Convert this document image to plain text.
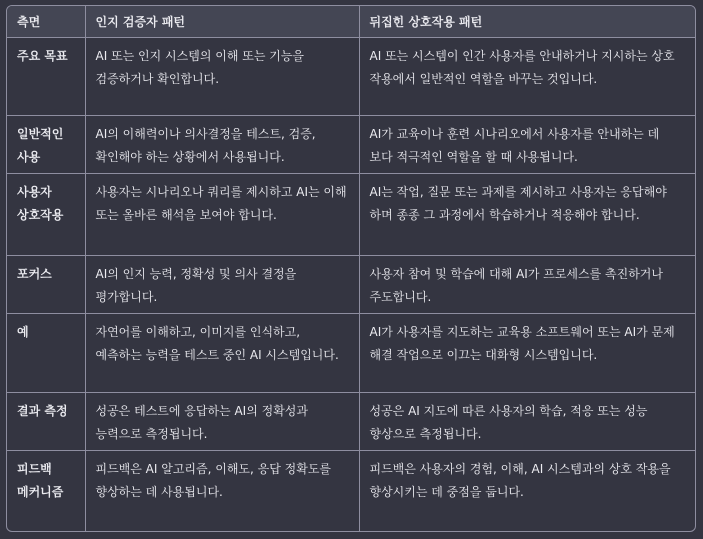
측면	인지 검증자 패턴	뒤집힌 상호작용 패턴
주요 목표	AI 또는 인지 시스템의 이해 또는 기능을 검증하거나 확인합니다.	AI 또는 시스템이 인간 사용자를 안내하거나 지시하는 상호 작용에서 일반적인 역할을 바꾸는 것입니다.
일반적인 사용	AI의 이해력이나 의사결정을 테스트, 검증, 확인해야 하는 상황에서 사용됩니다.	AI가 교육이나 훈련 시나리오에서 사용자를 안내하는 데 보다 적극적인 역할을 할 때 사용됩니다.
사용자 상호작용	사용자는 시나리오나 쿼리를 제시하고 AI는 이해 또는 올바른 해석을 보여야 합니다.	AI는 작업, 질문 또는 과제를 제시하고 사용자는 응답해야 하며 종종 그 과정에서 학습하거나 적응해야 합니다.
포커스	AI의 인지 능력, 정확성 및 의사 결정을 평가합니다.	사용자 참여 및 학습에 대해 AI가 프로세스를 촉진하거나 주도합니다.
예	자연어를 이해하고, 이미지를 인식하고, 예측하는 능력을 테스트 중인 AI 시스템입니다.	AI가 사용자를 지도하는 교육용 소프트웨어 또는 AI가 문제 해결 작업으로 이끄는 대화형 시스템입니다.
결과 측정	성공은 테스트에 응답하는 AI의 정확성과 능력으로 측정됩니다.	성공은 AI 지도에 따른 사용자의 학습, 적응 또는 성능 향상으로 측정됩니다.
피드백 메커니즘	피드백은 AI 알고리즘, 이해도, 응답 정확도를 향상하는 데 사용됩니다.	피드백은 사용자의 경험, 이해, AI 시스템과의 상호 작용을 향상시키는 데 중점을 둡니다.
